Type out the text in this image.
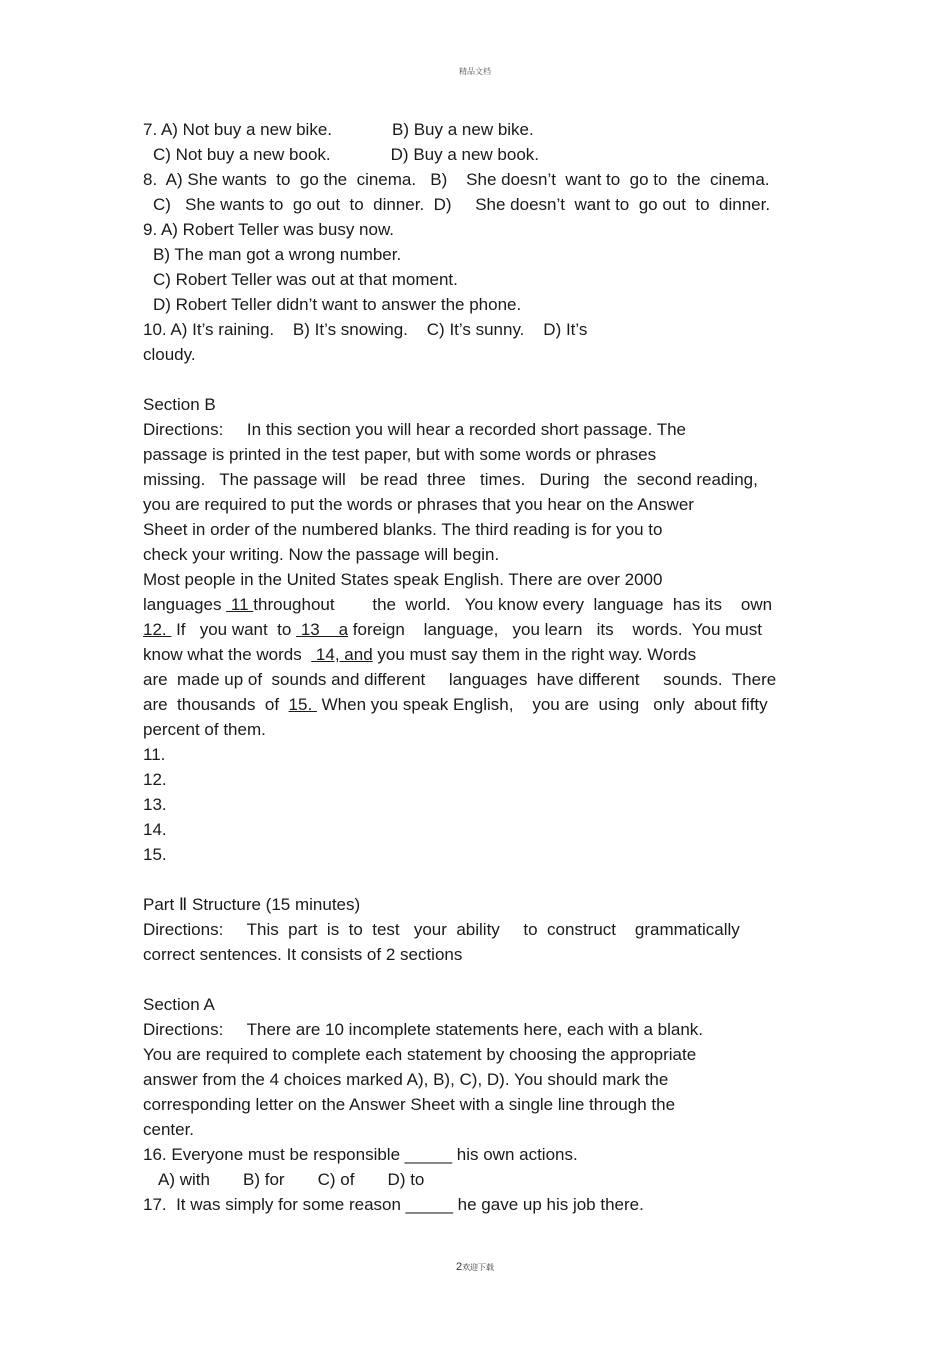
精品文档
7. A) Not buy a new bike.	B) Buy a new bike.
C) Not buy a new book.	D) Buy a new book.
8.  A) She wants  to  go the  cinema.   B)    She doesn’t  want to  go to  the  cinema.
C)   She wants to  go out  to  dinner.  D)     She doesn’t  want to  go out  to  dinner.
9. A) Robert Teller was busy now.
B) The man got a wrong number.
C) Robert Teller was out at that moment.
D) Robert Teller didn’t want to answer the phone.
10. A) It’s raining.    B) It’s snowing.    C) It’s sunny.    D) It’s
cloudy.
Section B
Directions:     In this section you will hear a recorded short passage. The
passage is printed in the test paper, but with some words or phrases
missing.   The passage will   be read  three   times.   During   the  second reading,
you are required to put the words or phrases that you hear on the Answer
Sheet in order of the numbered blanks. The third reading is for you to
check your writing. Now the passage will begin.
Most people in the United States speak English. There are over 2000
languages  11 throughout        the  world.   You know every  language  has its    own
12.  If   you want  to  13    a foreign    language,   you learn   its    words.  You must
know what the words   14, and you must say them in the right way. Words
are  made up of  sounds and different     languages  have different     sounds.  There
are  thousands  of  15.  When you speak English,    you are  using   only  about fifty
percent of them.
11.
12.
13.
14.
15.
Part Ⅱ Structure (15 minutes)
Directions:     This  part  is  to  test   your  ability     to  construct    grammatically
correct sentences. It consists of 2 sections
Section A
Directions:     There are 10 incomplete statements here, each with a blank.
You are required to complete each statement by choosing the appropriate
answer from the 4 choices marked A), B), C), D). You should mark the
corresponding letter on the Answer Sheet with a single line through the
center.
16. Everyone must be responsible _____ his own actions.
A) with       B) for       C) of       D) to
17.  It was simply for some reason _____ he gave up his job there.
2欢迎下载
